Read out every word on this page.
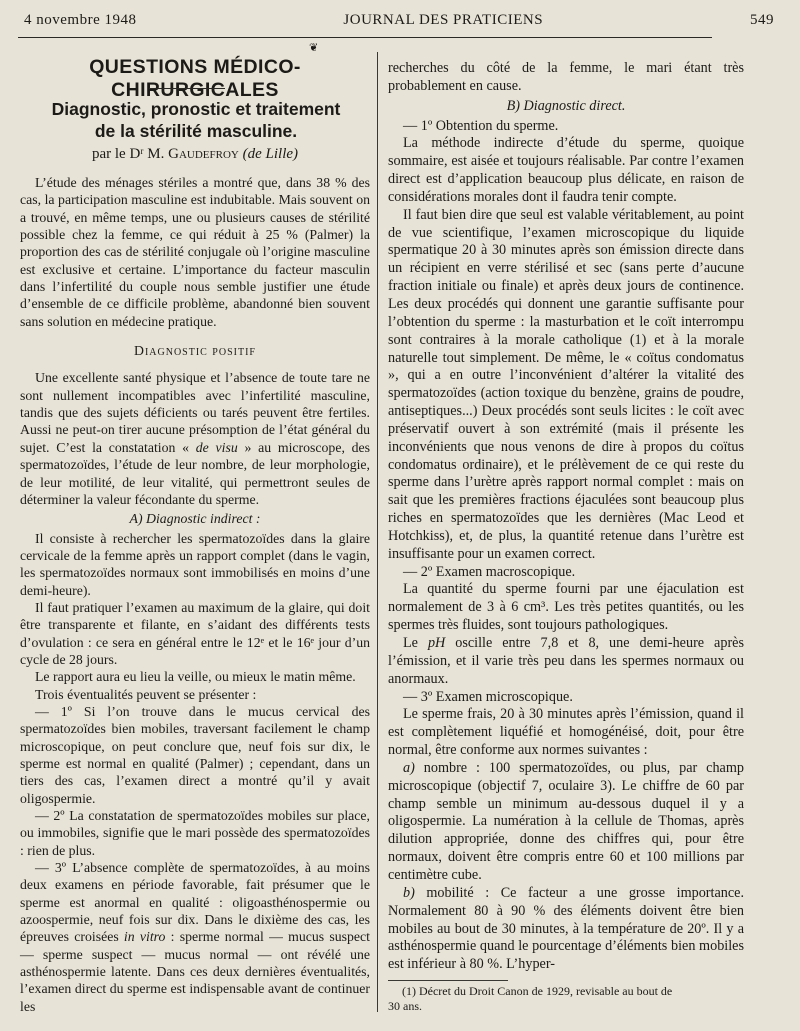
4 novembre 1948	JOURNAL DES PRATICIENS	549
❦
QUESTIONS MÉDICO-CHIRURGICALES
Diagnostic, pronostic et traitement
de la stérilité masculine.
par le Dʳ M. Gaudefroy (de Lille)

L’étude des ménages stériles a montré que, dans 38 % des cas, la participation masculine est indubitable. Mais souvent on a trouvé, en même temps, une ou plusieurs causes de stérilité possible chez la femme, ce qui réduit à 25 % (Palmer) la proportion des cas de stérilité conjugale où l’origine masculine est exclusive et certaine. L’importance du facteur masculin dans l’infertilité du couple nous semble justifier une étude d’ensemble de ce difficile problème, abandonné bien souvent sans solution en médecine pratique.

Diagnostic positif

Une excellente santé physique et l’absence de toute tare ne sont nullement incompatibles avec l’infertilité masculine, tandis que des sujets déficients ou tarés peuvent être fertiles. Aussi ne peut-on tirer aucune présomption de l’état général du sujet. C’est la constatation « de visu » au microscope, des spermatozoïdes, l’étude de leur nombre, de leur morphologie, de leur motilité, de leur vitalité, qui permettront seules de déterminer la valeur fécondante du sperme.

A) Diagnostic indirect :

Il consiste à rechercher les spermatozoïdes dans la glaire cervicale de la femme après un rapport complet (dans le vagin, les spermatozoïdes normaux sont immobilisés en moins d’une demi-heure).

Il faut pratiquer l’examen au maximum de la glaire, qui doit être transparente et filante, en s’aidant des différents tests d’ovulation : ce sera en général entre le 12ᵉ et le 16ᵉ jour d’un cycle de 28 jours.

Le rapport aura eu lieu la veille, ou mieux le matin même.

Trois éventualités peuvent se présenter :

— 1º Si l’on trouve dans le mucus cervical des spermatozoïdes bien mobiles, traversant facilement le champ microscopique, on peut conclure que, neuf fois sur dix, le sperme est normal en qualité (Palmer) ; cependant, dans un tiers des cas, l’examen direct a montré qu’il y avait oligospermie.

— 2º La constatation de spermatozoïdes mobiles sur place, ou immobiles, signifie que le mari possède des spermatozoïdes : rien de plus.

— 3º L’absence complète de spermatozoïdes, à au moins deux examens en période favorable, fait présumer que le sperme est anormal en qualité : oligoasthénospermie ou azoospermie, neuf fois sur dix. Dans le dixième des cas, les épreuves croisées in vitro : sperme normal — mucus suspect — sperme suspect — mucus normal — ont révélé une asthénospermie latente. Dans ces deux dernières éventualités, l’examen direct du sperme est indispensable avant de continuer les

recherches du côté de la femme, le mari étant très probablement en cause.

B) Diagnostic direct.

— 1º Obtention du sperme.

La méthode indirecte d’étude du sperme, quoique sommaire, est aisée et toujours réalisable. Par contre l’examen direct est d’application beaucoup plus délicate, en raison de considérations morales dont il faudra tenir compte.

Il faut bien dire que seul est valable véritablement, au point de vue scientifique, l’examen microscopique du liquide spermatique 20 à 30 minutes après son émission directe dans un récipient en verre stérilisé et sec (sans perte d’aucune fraction initiale ou finale) et après deux jours de continence. Les deux procédés qui donnent une garantie suffisante pour l’obtention du sperme : la masturbation et le coït interrompu sont contraires à la morale catholique (1) et à la morale naturelle tout simplement. De même, le « coïtus condomatus », qui a en outre l’inconvénient d’altérer la vitalité des spermatozoïdes (action toxique du benzène, grains de poudre, antiseptiques...) Deux procédés sont seuls licites : le coït avec préservatif ouvert à son extrémité (mais il présente les inconvénients que nous venons de dire à propos du coïtus condomatus ordinaire), et le prélèvement de ce qui reste du sperme dans l’urètre après rapport normal complet : mais on sait que les premières fractions éjaculées sont beaucoup plus riches en spermatozoïdes que les dernières (Mac Leod et Hotchkiss), et, de plus, la quantité retenue dans l’urètre est insuffisante pour un examen correct.

— 2º Examen macroscopique.

La quantité du sperme fourni par une éjaculation est normalement de 3 à 6 cm³. Les très petites quantités, ou les spermes très fluides, sont toujours pathologiques.

Le pH oscille entre 7,8 et 8, une demi-heure après l’émission, et il varie très peu dans les spermes normaux ou anormaux.

— 3º Examen microscopique.

Le sperme frais, 20 à 30 minutes après l’émission, quand il est complètement liquéfié et homogénéisé, doit, pour être normal, être conforme aux normes suivantes :

a) nombre : 100 spermatozoïdes, ou plus, par champ microscopique (objectif 7, oculaire 3). Le chiffre de 60 par champ semble un minimum au-dessous duquel il y a oligospermie. La numération à la cellule de Thomas, après dilution appropriée, donne des chiffres qui, pour être normaux, doivent être compris entre 60 et 100 millions par centimètre cube.

b) mobilité : Ce facteur a une grosse importance. Normalement 80 à 90 % des éléments doivent être bien mobiles au bout de 30 minutes, à la température de 20º. Il y a asthénospermie quand le pourcentage d’éléments bien mobiles est inférieur à 80 %. L’hyper-

(1) Décret du Droit Canon de 1929, revisable au bout de
30 ans.
